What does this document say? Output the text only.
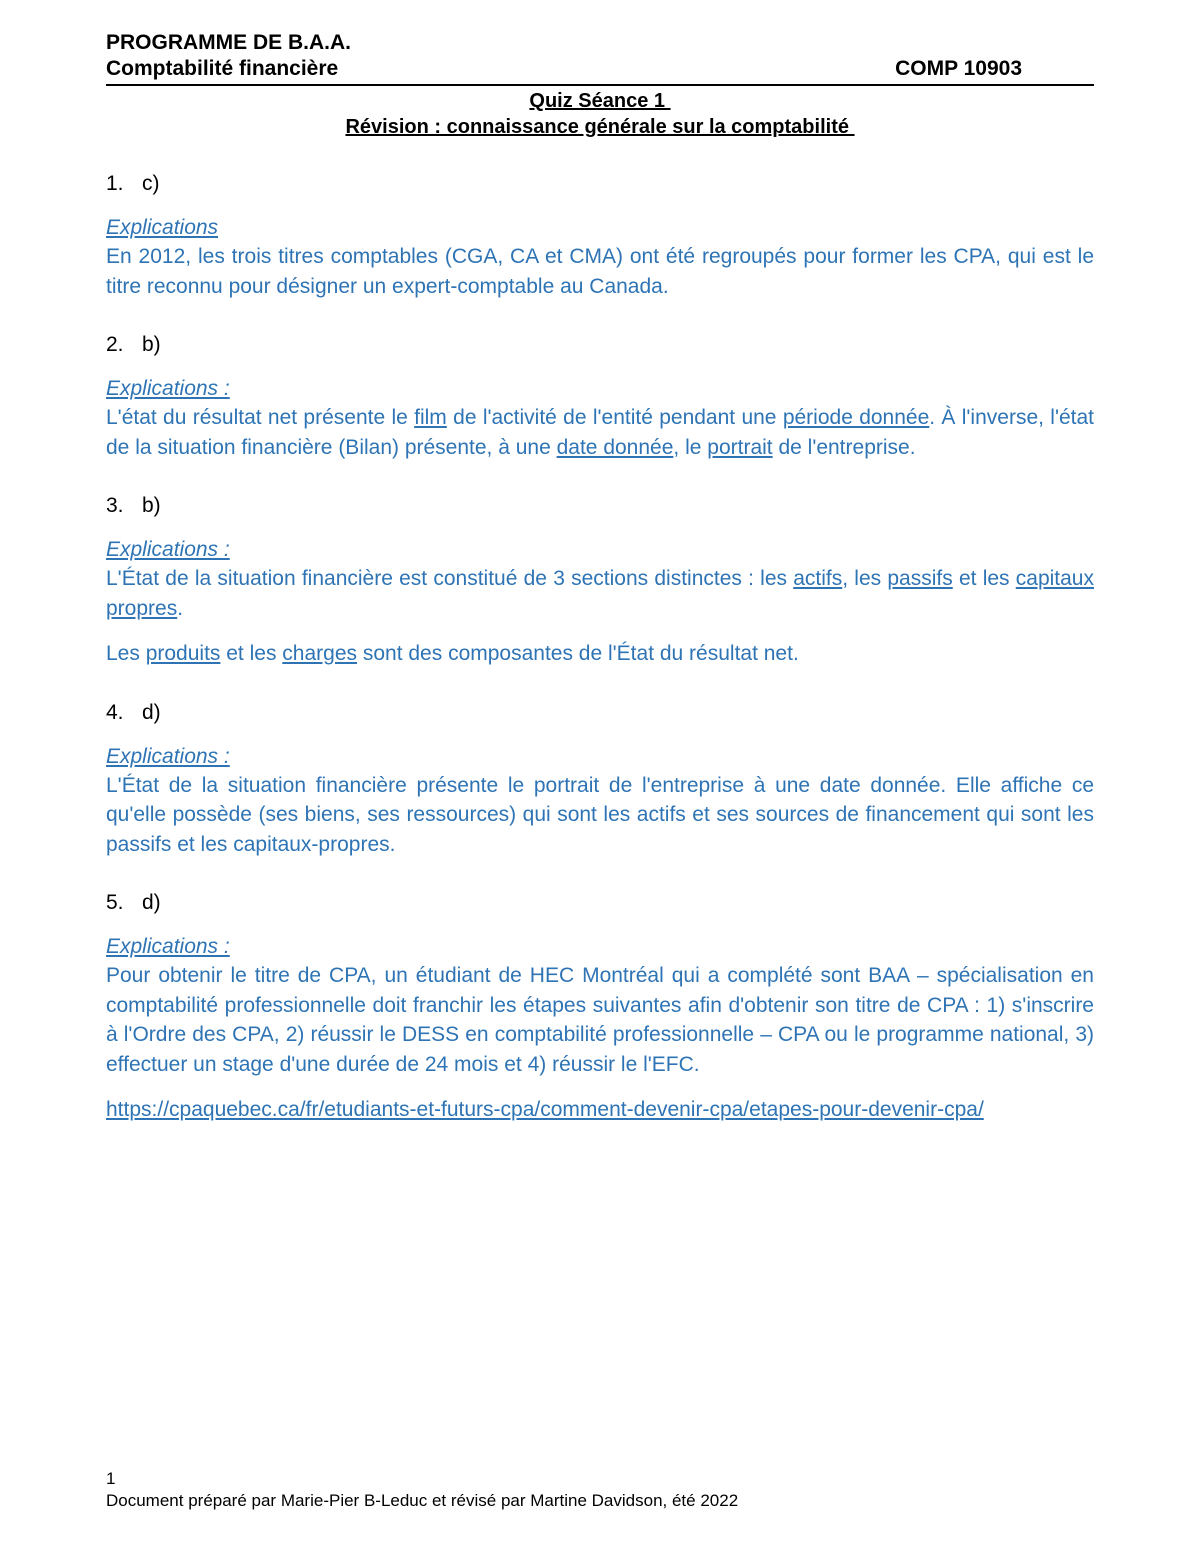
PROGRAMME DE B.A.A.
Comptabilité financière	COMP 10903
Quiz Séance 1
Révision : connaissance générale sur la comptabilité
1. c)
Explications
En 2012, les trois titres comptables (CGA, CA et CMA) ont été regroupés pour former les CPA, qui est le titre reconnu pour désigner un expert-comptable au Canada.
2. b)
Explications :
L'état du résultat net présente le film de l'activité de l'entité pendant une période donnée. À l'inverse, l'état de la situation financière (Bilan) présente, à une date donnée, le portrait de l'entreprise.
3. b)
Explications :
L'État de la situation financière est constitué de 3 sections distinctes : les actifs, les passifs et les capitaux propres.
Les produits et les charges sont des composantes de l'État du résultat net.
4. d)
Explications :
L'État de la situation financière présente le portrait de l'entreprise à une date donnée. Elle affiche ce qu'elle possède (ses biens, ses ressources) qui sont les actifs et ses sources de financement qui sont les passifs et les capitaux-propres.
5. d)
Explications :
Pour obtenir le titre de CPA, un étudiant de HEC Montréal qui a complété sont BAA – spécialisation en comptabilité professionnelle doit franchir les étapes suivantes afin d'obtenir son titre de CPA : 1) s'inscrire à l'Ordre des CPA, 2) réussir le DESS en comptabilité professionnelle – CPA ou le programme national, 3) effectuer un stage d'une durée de 24 mois et 4) réussir le l'EFC.
https://cpaquebec.ca/fr/etudiants-et-futurs-cpa/comment-devenir-cpa/etapes-pour-devenir-cpa/
1
Document préparé par Marie-Pier B-Leduc et révisé par Martine Davidson, été 2022
